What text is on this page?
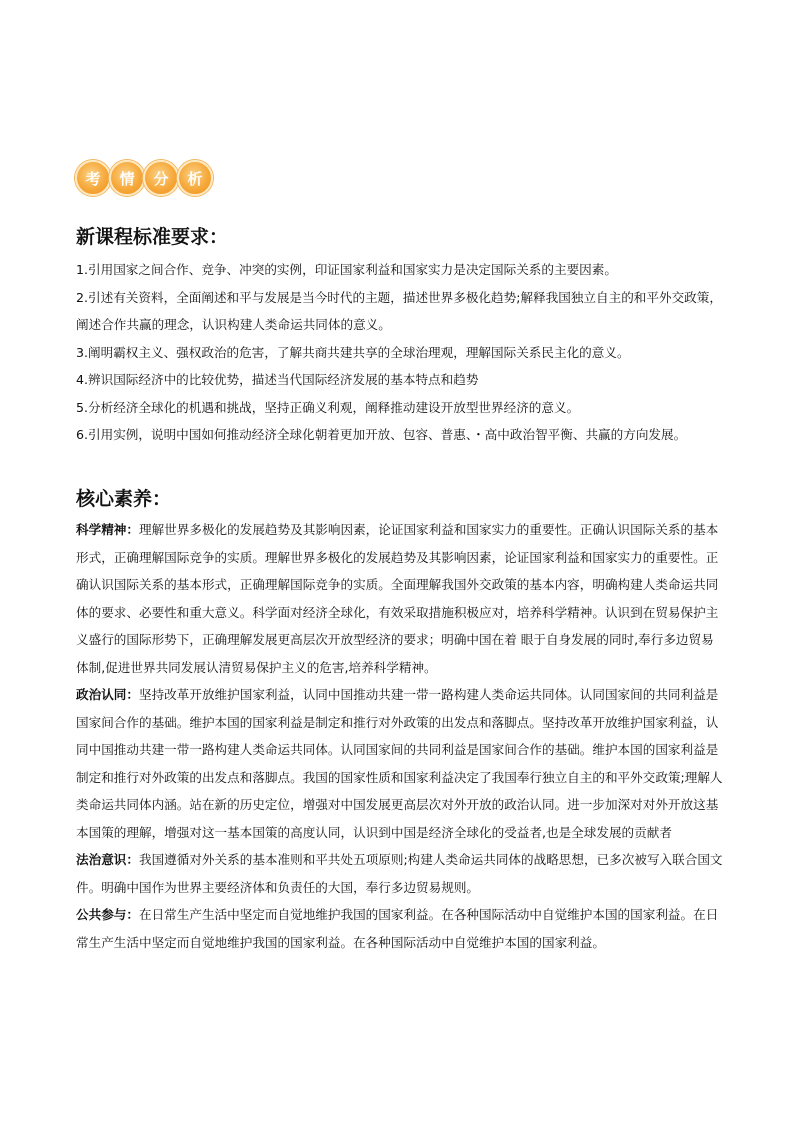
考	情	分	析
新课程标准要求：

1.引用国家之间合作、竞争、冲突的实例，印证国家利益和国家实力是决定国际关系的主要因素。

2.引述有关资料，全面阐述和平与发展是当今时代的主题，描述世界多极化趋势;解释我国独立自主的和平外交政策，阐述合作共赢的理念，认识构建人类命运共同体的意义。

3.阐明霸权主义、强权政治的危害，了解共商共建共享的全球治理观，理解国际关系民主化的意义。

4.辨识国际经济中的比较优势，描述当代国际经济发展的基本特点和趋势

5.分析经济全球化的机遇和挑战，坚持正确义利观，阐释推动建设开放型世界经济的意义。

6.引用实例，说明中国如何推动经济全球化朝着更加开放、包容、普惠、・高中政治智平衡、共赢的方向发展。

核心素养：

科学精神：理解世界多极化的发展趋势及其影响因素，论证国家利益和国家实力的重要性。正确认识国际关系的基本形式，正确理解国际竞争的实质。理解世界多极化的发展趋势及其影响因素，论证国家利益和国家实力的重要性。正确认识国际关系的基本形式，正确理解国际竞争的实质。全面理解我国外交政策的基本内容，明确构建人类命运共同体的要求、必要性和重大意义。科学面对经济全球化，有效采取措施积极应对，培养科学精神。认识到在贸易保护主义盛行的国际形势下，正确理解发展更高层次开放型经济的要求；明确中国在着 眼于自身发展的同时,奉行多边贸易体制,促进世界共同发展认清贸易保护主义的危害,培养科学精神。

政治认同：坚持改革开放维护国家利益，认同中国推动共建一带一路构建人类命运共同体。认同国家间的共同利益是国家间合作的基础。维护本国的国家利益是制定和推行对外政策的出发点和落脚点。坚持改革开放维护国家利益，认同中国推动共建一带一路构建人类命运共同体。认同国家间的共同利益是国家间合作的基础。维护本国的国家利益是制定和推行对外政策的出发点和落脚点。我国的国家性质和国家利益决定了我国奉行独立自主的和平外交政策;理解人类命运共同体内涵。站在新的历史定位，增强对中国发展更高层次对外开放的政治认同。进一步加深对对外开放这基本国策的理解，增强对这一基本国策的高度认同，认识到中国是经济全球化的受益者,也是全球发展的贡献者

法治意识：我国遵循对外关系的基本准则和平共处五项原则;构建人类命运共同体的战略思想，已多次被写入联合国文件。明确中国作为世界主要经济体和负责任的大国，奉行多边贸易规则。

公共参与：在日常生产生活中坚定而自觉地维护我国的国家利益。在各种国际活动中自觉维护本国的国家利益。在日常生产生活中坚定而自觉地维护我国的国家利益。在各种国际活动中自觉维护本国的国家利益。
